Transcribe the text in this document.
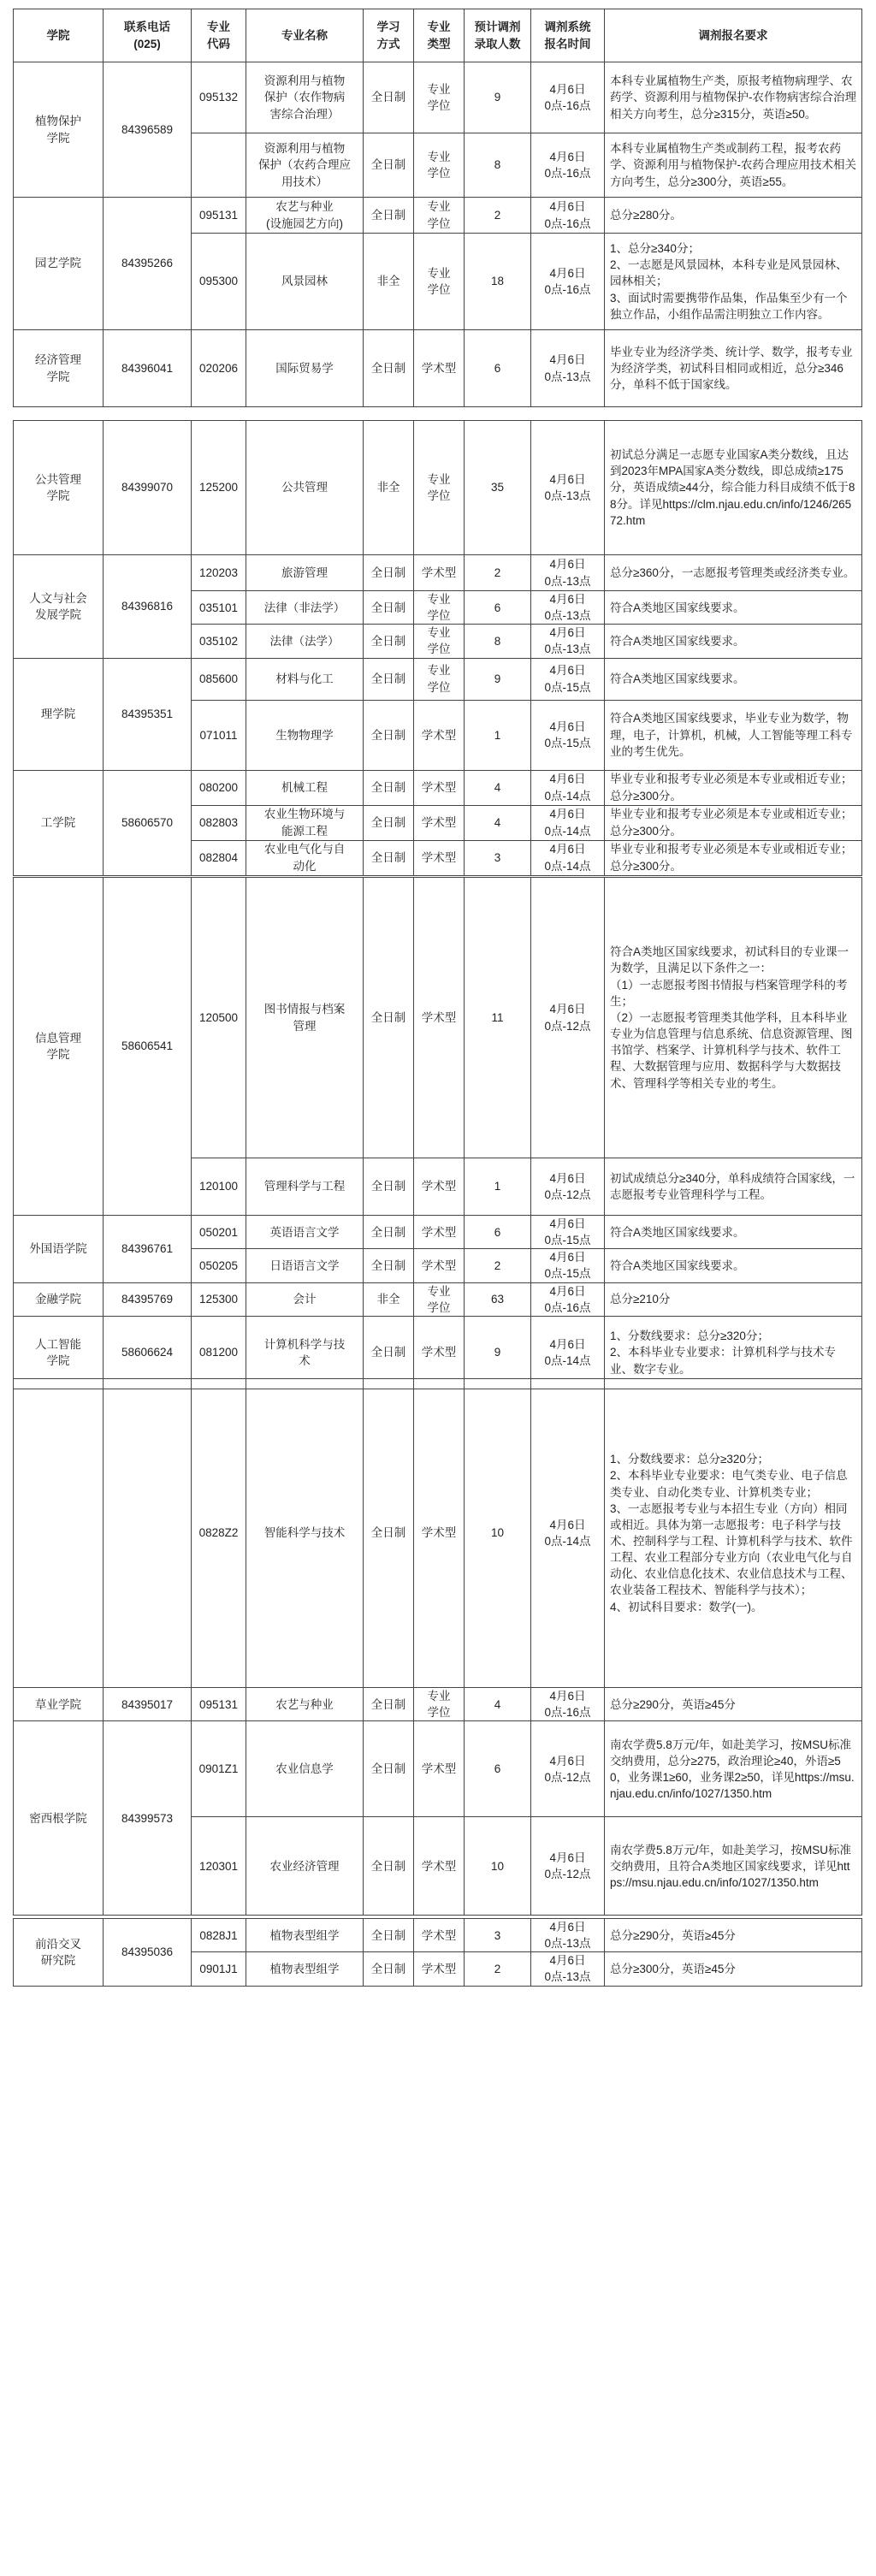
学院	联系电话
(025)	专业
代码	专业名称	学习
方式	专业
类型	预计调剂
录取人数	调剂系统
报名时间	调剂报名要求
植物保护
学院	84396589	095132	资源利用与植物
保护（农作物病
害综合治理）	全日制	专业
学位	9	4月6日
0点-16点	本科专业属植物生产类，原报考植物病理学、农药学、资源利用与植物保护-农作物病害综合治理相关方向考生，总分≥315分，英语≥50。
			资源利用与植物
保护（农药合理应
用技术）	全日制	专业
学位	8	4月6日
0点-16点	本科专业属植物生产类或制药工程，报考农药学、资源利用与植物保护-农药合理应用技术相关方向考生，总分≥300分，英语≥55。
园艺学院	84395266	095131	农艺与种业
(设施园艺方向)	全日制	专业
学位	2	4月6日
0点-16点	总分≥280分。
		095300	风景园林	非全	专业
学位	18	4月6日
0点-16点	1、总分≥340分；
2、一志愿是风景园林，本科专业是风景园林、园林相关；
3、面试时需要携带作品集，作品集至少有一个独立作品，小组作品需注明独立工作内容。
经济管理
学院	84396041	020206	国际贸易学	全日制	学术型	6	4月6日
0点-13点	毕业专业为经济学类、统计学、数学，报考专业为经济学类，初试科目相同或相近，总分≥346分，单科不低于国家线。
公共管理
学院	84399070	125200	公共管理	非全	专业
学位	35	4月6日
0点-13点	初试总分满足一志愿专业国家A类分数线，且达到2023年MPA国家A类分数线，即总成绩≥175分，英语成绩≥44分，综合能力科目成绩不低于88分。详见https://clm.njau.edu.cn/info/1246/26572.htm
人文与社会
发展学院	84396816	120203	旅游管理	全日制	学术型	2	4月6日
0点-13点	总分≥360分，一志愿报考管理类或经济类专业。
		035101	法律（非法学）	全日制	专业
学位	6	4月6日
0点-13点	符合A类地区国家线要求。
		035102	法律（法学）	全日制	专业
学位	8	4月6日
0点-13点	符合A类地区国家线要求。
理学院	84395351	085600	材料与化工	全日制	专业
学位	9	4月6日
0点-15点	符合A类地区国家线要求。
		071011	生物物理学	全日制	学术型	1	4月6日
0点-15点	符合A类地区国家线要求，毕业专业为数学，物理，电子，计算机，机械，人工智能等理工科专业的考生优先。
工学院	58606570	080200	机械工程	全日制	学术型	4	4月6日
0点-14点	毕业专业和报考专业必须是本专业或相近专业；总分≥300分。
		082803	农业生物环境与
能源工程	全日制	学术型	4	4月6日
0点-14点	毕业专业和报考专业必须是本专业或相近专业；总分≥300分。
		082804	农业电气化与自
动化	全日制	学术型	3	4月6日
0点-14点	毕业专业和报考专业必须是本专业或相近专业；总分≥300分。
信息管理
学院	58606541	120500	图书情报与档案
管理	全日制	学术型	11	4月6日
0点-12点	符合A类地区国家线要求，初试科目的专业课一为数学，且满足以下条件之一：
（1）一志愿报考图书情报与档案管理学科的考生；
（2）一志愿报考管理类其他学科，且本科毕业专业为信息管理与信息系统、信息资源管理、图书馆学、档案学、计算机科学与技术、软件工程、大数据管理与应用、数据科学与大数据技术、管理科学等相关专业的考生。
		120100	管理科学与工程	全日制	学术型	1	4月6日
0点-12点	初试成绩总分≥340分，单科成绩符合国家线，一志愿报考专业管理科学与工程。
外国语学院	84396761	050201	英语语言文学	全日制	学术型	6	4月6日
0点-15点	符合A类地区国家线要求。
		050205	日语语言文学	全日制	学术型	2	4月6日
0点-15点	符合A类地区国家线要求。
金融学院	84395769	125300	会计	非全	专业
学位	63	4月6日
0点-16点	总分≥210分
人工智能
学院	58606624	081200	计算机科学与技
术	全日制	学术型	9	4月6日
0点-14点	1、分数线要求：总分≥320分；
2、本科毕业专业要求：计算机科学与技术专业、数字专业。
		0828Z2	智能科学与技术	全日制	学术型	10	4月6日
0点-14点	1、分数线要求：总分≥320分；
2、本科毕业专业要求：电气类专业、电子信息类专业、自动化类专业、计算机类专业；
3、一志愿报考专业与本招生专业（方向）相同或相近。具体为第一志愿报考：电子科学与技术、控制科学与工程、计算机科学与技术、软件工程、农业工程部分专业方向（农业电气化与自动化、农业信息化技术、农业信息技术与工程、农业装备工程技术、智能科学与技术）；
4、初试科目要求：数学(一)。
草业学院	84395017	095131	农艺与种业	全日制	专业
学位	4	4月6日
0点-16点	总分≥290分，英语≥45分
密西根学院	84399573	0901Z1	农业信息学	全日制	学术型	6	4月6日
0点-12点	南农学费5.8万元/年，如赴美学习，按MSU标准交纳费用，总分≥275，政治理论≥40，外语≥50，业务课1≥60，业务课2≥50，详见https://msu.njau.edu.cn/info/1027/1350.htm
		120301	农业经济管理	全日制	学术型	10	4月6日
0点-12点	南农学费5.8万元/年，如赴美学习，按MSU标准交纳费用，且符合A类地区国家线要求，详见https://msu.njau.edu.cn/info/1027/1350.htm
前沿交叉
研究院	84395036	0828J1	植物表型组学	全日制	学术型	3	4月6日
0点-13点	总分≥290分，英语≥45分
		0901J1	植物表型组学	全日制	学术型	2	4月6日
0点-13点	总分≥300分，英语≥45分
